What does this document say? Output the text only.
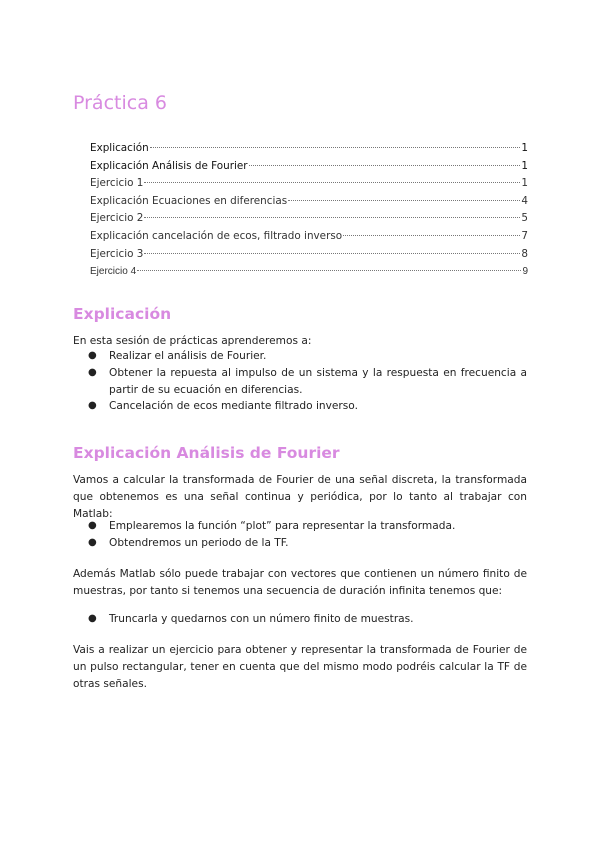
Práctica 6
Explicación	1
Explicación Análisis de Fourier	1
Ejercicio 1	1
Explicación Ecuaciones en diferencias	4
Ejercicio 2	5
Explicación cancelación de ecos, filtrado inverso	7
Ejercicio 3	8
Ejercicio 4	9
Explicación

En esta sesión de prácticas aprenderemos a:

● Realizar el análisis de Fourier.
● Obtener la repuesta al impulso de un sistema y la respuesta en frecuencia a partir de su ecuación en diferencias.
● Cancelación de ecos mediante filtrado inverso.
Explicación Análisis de Fourier

Vamos a calcular la transformada de Fourier de una señal discreta, la transformada que obtenemos es una señal continua y periódica, por lo tanto al trabajar con Matlab:

● Emplearemos la función “plot” para representar la transformada.
● Obtendremos un periodo de la TF.

Además Matlab sólo puede trabajar con vectores que contienen un número finito de muestras, por tanto si tenemos una secuencia de duración infinita tenemos que:

● Truncarla y quedarnos con un número finito de muestras.

Vais a realizar un ejercicio para obtener y representar la transformada de Fourier de un pulso rectangular, tener en cuenta que del mismo modo podréis calcular la TF de otras señales.
